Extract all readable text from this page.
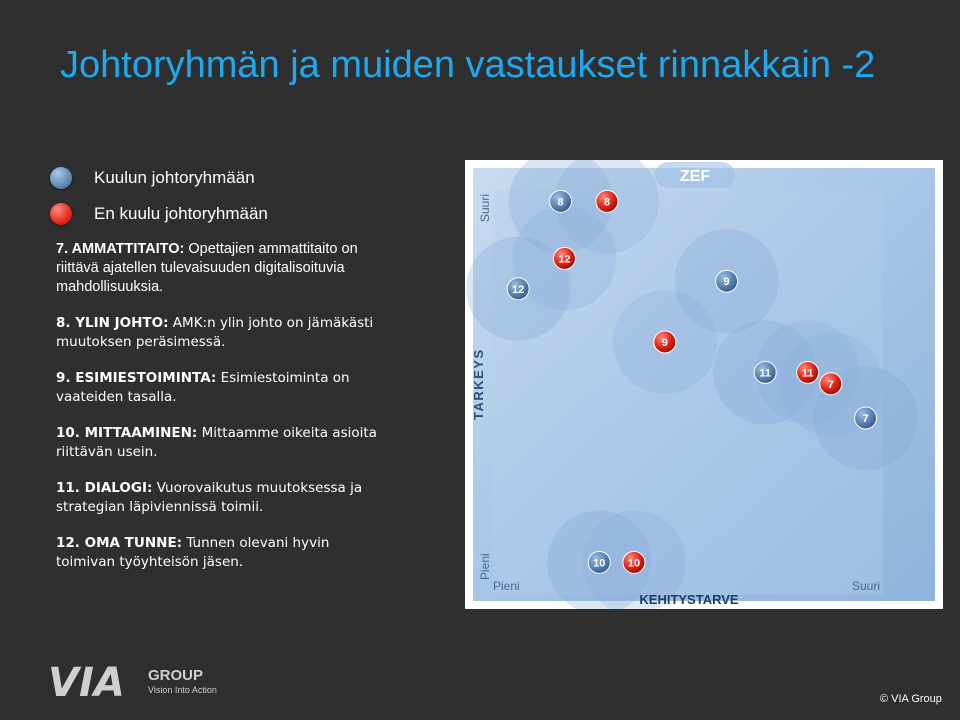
Johtoryhmän ja muiden vastaukset rinnakkain -2
Kuulun johtoryhmään
En kuulu johtoryhmään
7. AMMATTITAITO: Opettajien ammattitaito on riittävä ajatellen tulevaisuuden digitalisoituvia mahdollisuuksia.
8. YLIN JOHTO: AMK:n ylin johto on jämäkästi muutoksen peräsimessä.
9. ESIMIESTOIMINTA: Esimiestoiminta on vaateiden tasalla.
10. MITTAAMINEN: Mittaamme oikeita asioita riittävän usein.
11. DIALOGI: Vuorovaikutus muutoksessa ja strategian läpiviennissä toimii.
12. OMA TUNNE: Tunnen olevani hyvin toimivan työyhteisön jäsen.
7
8
9
10
11
12
7
8
9
10
11
12
ZEF
Suuri
TARKEYS
Pieni
Pieni	Suuri
KEHITYSTARVE
VIA GROUP
Vision Into Action
© VIA Group
